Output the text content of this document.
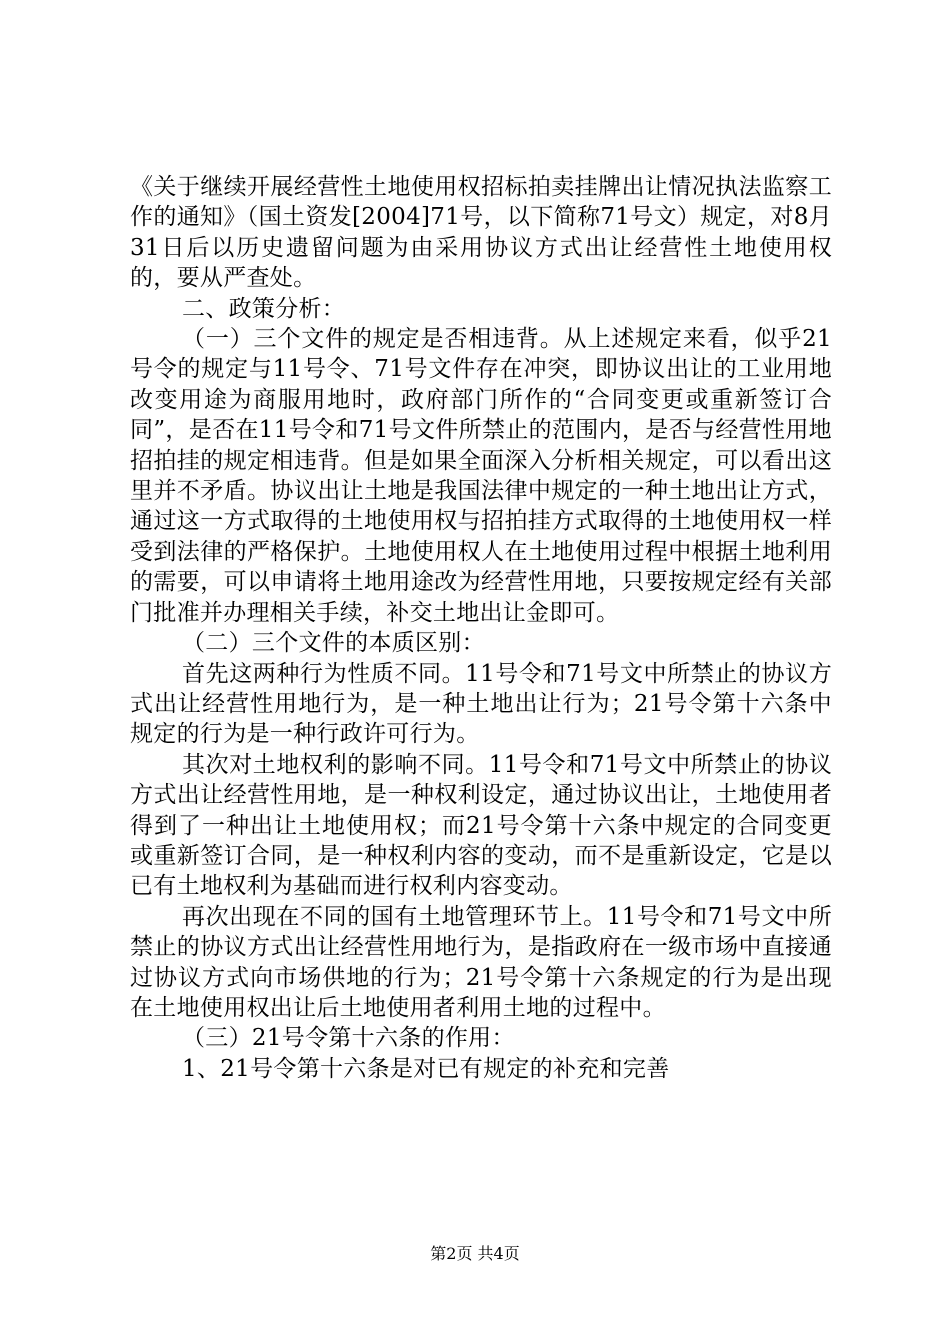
《关于继续开展经营性土地使用权招标拍卖挂牌出让情况执法监察工作的通知》（国土资发[2004]71号，以下简称71号文）规定，对8月31日后以历史遗留问题为由采用协议方式出让经营性土地使用权的，要从严查处。

二、政策分析：

（一）三个文件的规定是否相违背。从上述规定来看，似乎21号令的规定与11号令、71号文件存在冲突，即协议出让的工业用地改变用途为商服用地时，政府部门所作的“合同变更或重新签订合同”，是否在11号令和71号文件所禁止的范围内，是否与经营性用地招拍挂的规定相违背。但是如果全面深入分析相关规定，可以看出这里并不矛盾。协议出让土地是我国法律中规定的一种土地出让方式，通过这一方式取得的土地使用权与招拍挂方式取得的土地使用权一样受到法律的严格保护。土地使用权人在土地使用过程中根据土地利用的需要，可以申请将土地用途改为经营性用地，只要按规定经有关部门批准并办理相关手续，补交土地出让金即可。

（二）三个文件的本质区别：

首先这两种行为性质不同。11号令和71号文中所禁止的协议方式出让经营性用地行为，是一种土地出让行为；21号令第十六条中规定的行为是一种行政许可行为。

其次对土地权利的影响不同。11号令和71号文中所禁止的协议方式出让经营性用地，是一种权利设定，通过协议出让，土地使用者得到了一种出让土地使用权；而21号令第十六条中规定的合同变更或重新签订合同，是一种权利内容的变动，而不是重新设定，它是以已有土地权利为基础而进行权利内容变动。

再次出现在不同的国有土地管理环节上。11号令和71号文中所禁止的协议方式出让经营性用地行为，是指政府在一级市场中直接通过协议方式向市场供地的行为；21号令第十六条规定的行为是出现在土地使用权出让后土地使用者利用土地的过程中。

（三）21号令第十六条的作用：

1、21号令第十六条是对已有规定的补充和完善

第2页 共4页
